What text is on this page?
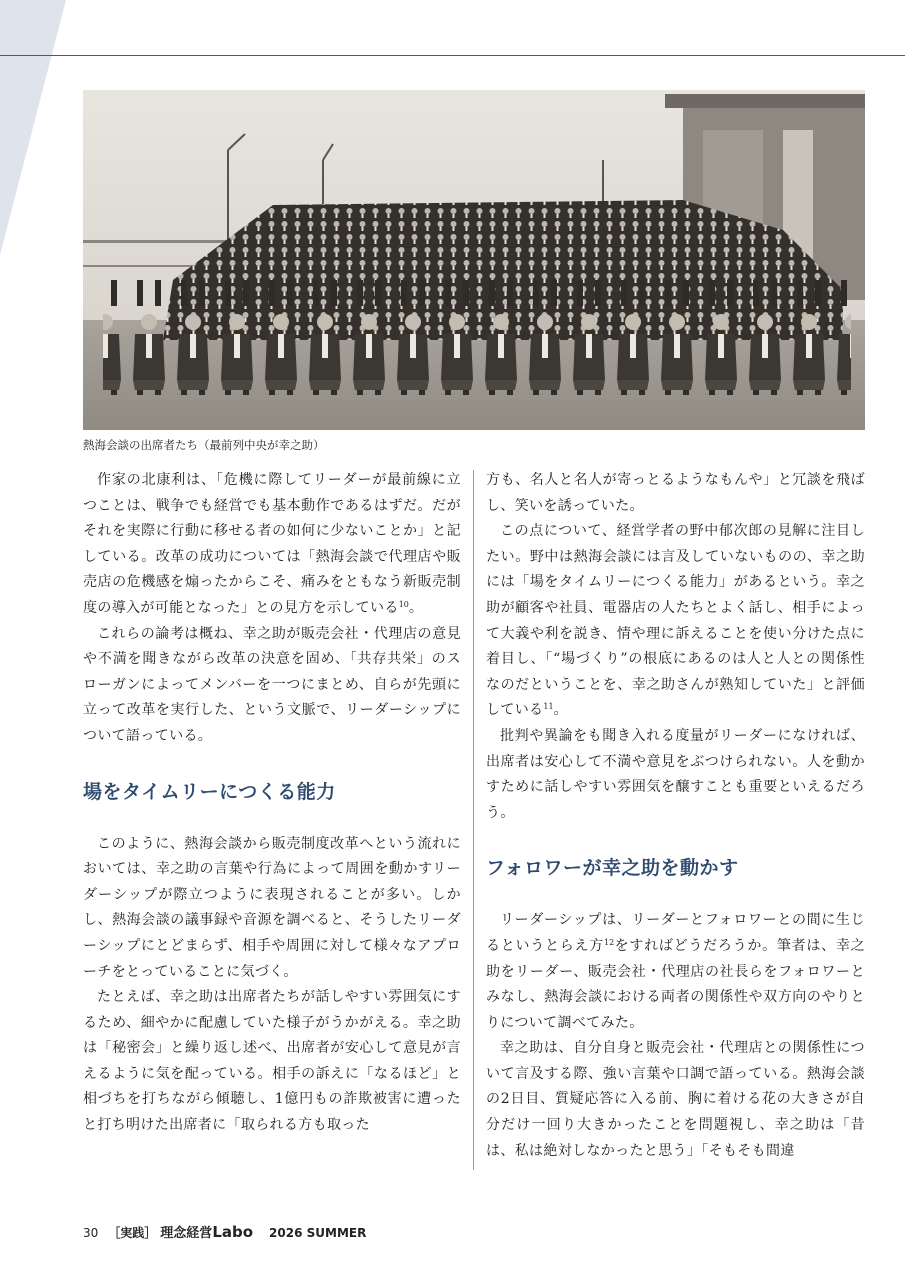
熱海会談の出席者たち（最前列中央が幸之助）

作家の北康利は、「危機に際してリーダーが最前線に立つことは、戦争でも経営でも基本動作であるはずだ。だがそれを実際に行動に移せる者の如何に少ないことか」と記している。改革の成功については「熱海会談で代理店や販売店の危機感を煽ったからこそ、痛みをともなう新販売制度の導入が可能となった」との見方を示している$^{10}$。

これらの論考は概ね、幸之助が販売会社・代理店の意見や不満を聞きながら改革の決意を固め、「共存共栄」のスローガンによってメンバーを一つにまとめ、自らが先頭に立って改革を実行した、という文脈で、リーダーシップについて語っている。

場をタイムリーにつくる能力

このように、熱海会談から販売制度改革へという流れにおいては、幸之助の言葉や行為によって周囲を動かすリーダーシップが際立つように表現されることが多い。しかし、熱海会談の議事録や音源を調べると、そうしたリーダーシップにとどまらず、相手や周囲に対して様々なアプローチをとっていることに気づく。

たとえば、幸之助は出席者たちが話しやすい雰囲気にするため、細やかに配慮していた様子がうかがえる。幸之助は「秘密会」と繰り返し述べ、出席者が安心して意見が言えるように気を配っている。相手の訴えに「なるほど」と相づちを打ちながら傾聴し、1億円もの詐欺被害に遭ったと打ち明けた出席者に「取られる方も取った

方も、名人と名人が寄っとるようなもんや」と冗談を飛ばし、笑いを誘っていた。

この点について、経営学者の野中郁次郎の見解に注目したい。野中は熱海会談には言及していないものの、幸之助には「場をタイムリーにつくる能力」があるという。幸之助が顧客や社員、電器店の人たちとよく話し、相手によって大義や利を説き、情や理に訴えることを使い分けた点に着目し、「“場づくり”の根底にあるのは人と人との関係性なのだということを、幸之助さんが熟知していた」と評価している$^{11}$。

批判や異論をも聞き入れる度量がリーダーになければ、出席者は安心して不満や意見をぶつけられない。人を動かすために話しやすい雰囲気を醸すことも重要といえるだろう。

フォロワーが幸之助を動かす

リーダーシップは、リーダーとフォロワーとの間に生じるというとらえ方$^{12}$をすればどうだろうか。筆者は、幸之助をリーダー、販売会社・代理店の社長らをフォロワーとみなし、熱海会談における両者の関係性や双方向のやりとりについて調べてみた。

幸之助は、自分自身と販売会社・代理店との関係性について言及する際、強い言葉や口調で語っている。熱海会談の2日目、質疑応答に入る前、胸に着ける花の大きさが自分だけ一回り大きかったことを問題視し、幸之助は「昔は、私は絶対しなかったと思う」「そもそも間違

30 ［実践］ 理念経営 Labo 2026 SUMMER
